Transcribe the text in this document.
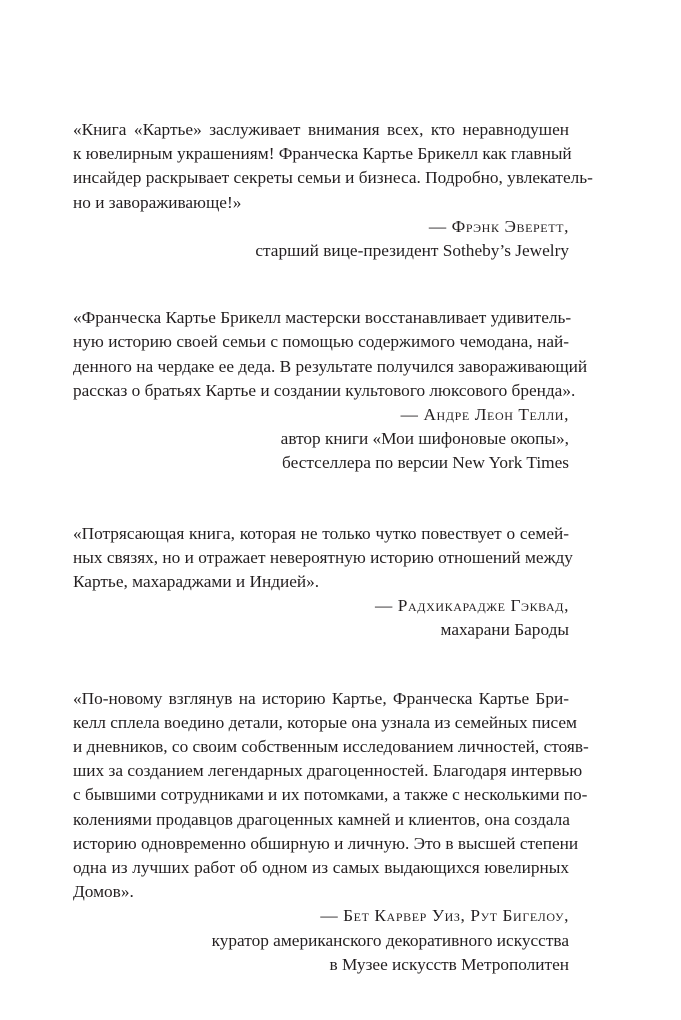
«Книга «Картье» заслуживает внимания всех, кто неравнодушен
к ювелирным украшениям! Франческа Картье Брикелл как главный
инсайдер раскрывает секреты семьи и бизнеса. Подробно, увлекатель-
но и завораживающе!»

— Фрэнк Эверетт,
старший вице-президент Sotheby’s Jewelry

«Франческа Картье Брикелл мастерски восстанавливает удивитель-
ную историю своей семьи с помощью содержимого чемодана, най-
денного на чердаке ее деда. В результате получился завораживающий
рассказ о братьях Картье и создании культового люксового бренда».

— Андре Леон Телли,
автор книги «Мои шифоновые окопы»,
бестселлера по версии New York Times

«Потрясающая книга, которая не только чутко повествует о семей-
ных связях, но и отражает невероятную историю отношений между
Картье, махараджами и Индией».

— Радхикарадже Гэквад,
махарани Бароды

«По-новому взглянув на историю Картье, Франческа Картье Бри-
келл сплела воедино детали, которые она узнала из семейных писем
и дневников, со своим собственным исследованием личностей, стояв-
ших за созданием легендарных драгоценностей. Благодаря интервью
с бывшими сотрудниками и их потомками, а также с несколькими по-
колениями продавцов драгоценных камней и клиентов, она создала
историю одновременно обширную и личную. Это в высшей степени
одна из лучших работ об одном из самых выдающихся ювелирных
Домов».

— Бет Карвер Уиз, Рут Бигелоу,
куратор американского декоративного искусства
в Музее искусств Метрополитен
